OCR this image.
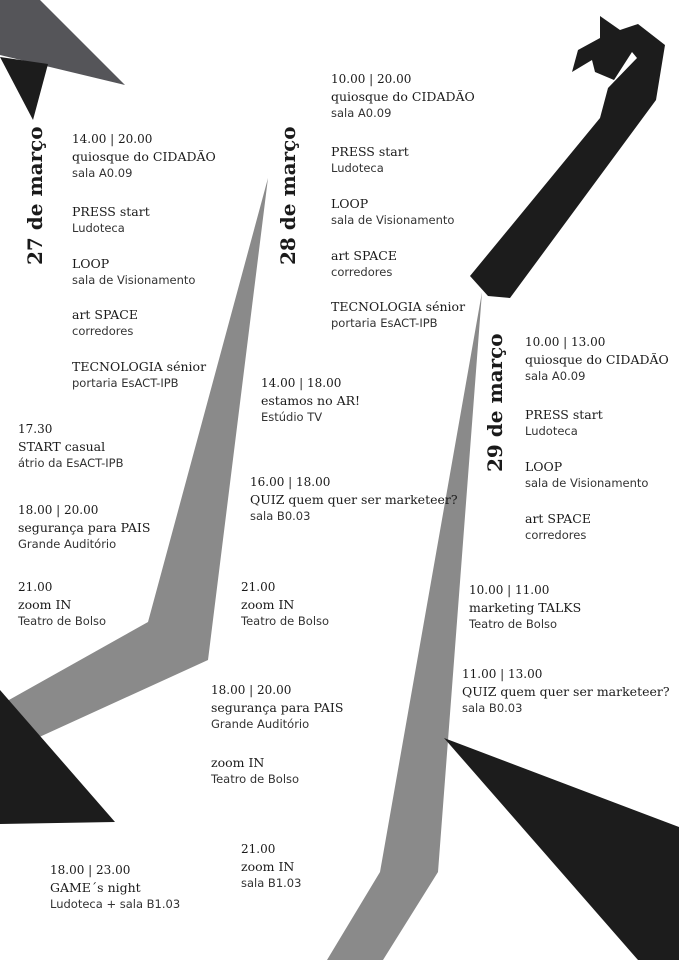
27 de março	28 de março
29 de março
14.00 | 20.00
quiosque do CIDADÃO
sala A0.09
PRESS start
Ludoteca
LOOP
sala de Visionamento
art SPACE
corredores
TECNOLOGIA sénior
portaria EsACT-IPB
17.30
START casual
átrio da EsACT-IPB
18.00 | 20.00
segurança para PAIS
Grande Auditório
21.00
zoom IN
Teatro de Bolso
18.00 | 23.00
GAME´s night
Ludoteca + sala B1.03
10.00 | 20.00
quiosque do CIDADÃO
sala A0.09
PRESS start
Ludoteca
LOOP
sala de Visionamento
art SPACE
corredores
TECNOLOGIA sénior
portaria EsACT-IPB
14.00 | 18.00
estamos no AR!
Estúdio TV
16.00 | 18.00
QUIZ quem quer ser marketeer?
sala B0.03
21.00
zoom IN
Teatro de Bolso
18.00 | 20.00
segurança para PAIS
Grande Auditório
zoom IN
Teatro de Bolso
21.00
zoom IN
sala B1.03
10.00 | 13.00
quiosque do CIDADÃO
sala A0.09
PRESS start
Ludoteca
LOOP
sala de Visionamento
art SPACE
corredores
10.00 | 11.00
marketing TALKS
Teatro de Bolso
11.00 | 13.00
QUIZ quem quer ser marketeer?
sala B0.03
